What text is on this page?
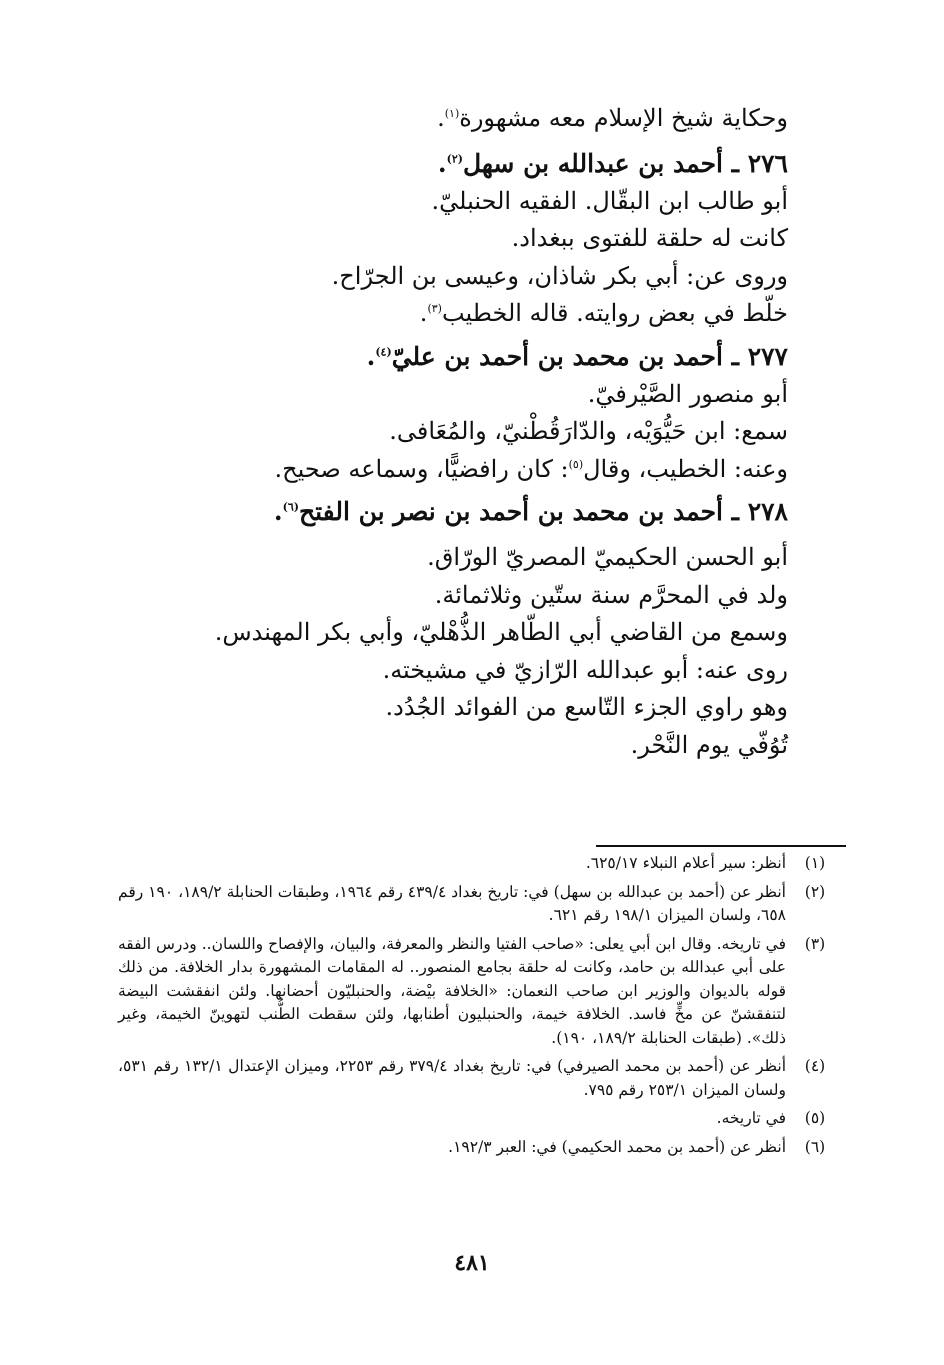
وحكاية شيخ الإسلام معه مشهورة$^{(١)}$.

٢٧٦ ـ أحمد بن عبدالله بن سهل$^{(٢)}$.

أبو طالب ابن البقّال. الفقيه الحنبليّ.

كانت له حلقة للفتوى ببغداد.

وروى عن: أبي بكر شاذان، وعيسى بن الجرّاح.

خلّط في بعض روايته. قاله الخطيب$^{(٣)}$.

٢٧٧ ـ أحمد بن محمد بن أحمد بن عليّ$^{(٤)}$.

أبو منصور الصَّيْرفيّ.

سمع: ابن حَيُّوَيْه، والدّارَقُطْنيّ، والمُعَافى.

وعنه: الخطيب، وقال$^{(٥)}$: كان رافضيًّا، وسماعه صحيح.

٢٧٨ ـ أحمد بن محمد بن أحمد بن نصر بن الفتح$^{(٦)}$.

أبو الحسن الحكيميّ المصريّ الورّاق.

ولد في المحرَّم سنة ستّين وثلاثمائة.

وسمع من القاضي أبي الطّاهر الذُّهْليّ، وأبي بكر المهندس.

روى عنه: أبو عبدالله الرّازيّ في مشيخته.

وهو راوي الجزء التّاسع من الفوائد الجُدُد.

تُوُفّي يوم النَّحْر.

(١)
أنظر: سير أعلام النبلاء ٦٢٥/١٧.
(٢)
أنظر عن (أحمد بن عبدالله بن سهل) في: تاريخ بغداد ٤٣٩/٤ رقم ١٩٦٤، وطبقات الحنابلة ١٨٩/٢، ١٩٠ رقم ٦٥٨، ولسان الميزان ١٩٨/١ رقم ٦٢١.
(٣)
في تاريخه. وقال ابن أبي يعلى: «صاحب الفتيا والنظر والمعرفة، والبيان، والإفصاح واللسان.. ودرس الفقه على أبي عبدالله بن حامد، وكانت له حلقة بجامع المنصور.. له المقامات المشهورة بدار الخلافة. من ذلك قوله بالديوان والوزير ابن صاحب النعمان: «الخلافة بيْضة، والحنبليّون أحضانها. ولئن انفقشت البيضة لتنفقشنّ عن مخٍّ فاسد. الخلافة خيمة، والحنبليون أطنابها، ولئن سقطت الطُّنب لتهوينّ الخيمة، وغير ذلك». (طبقات الحنابلة ١٨٩/٢، ١٩٠).
(٤)
أنظر عن (أحمد بن محمد الصيرفي) في: تاريخ بغداد ٣٧٩/٤ رقم ٢٢٥٣، وميزان الإعتدال ١٣٢/١ رقم ٥٣١، ولسان الميزان ٢٥٣/١ رقم ٧٩٥.
(٥)
في تاريخه.
(٦)
أنظر عن (أحمد بن محمد الحكيمي) في: العبر ١٩٢/٣.
٤٨١
